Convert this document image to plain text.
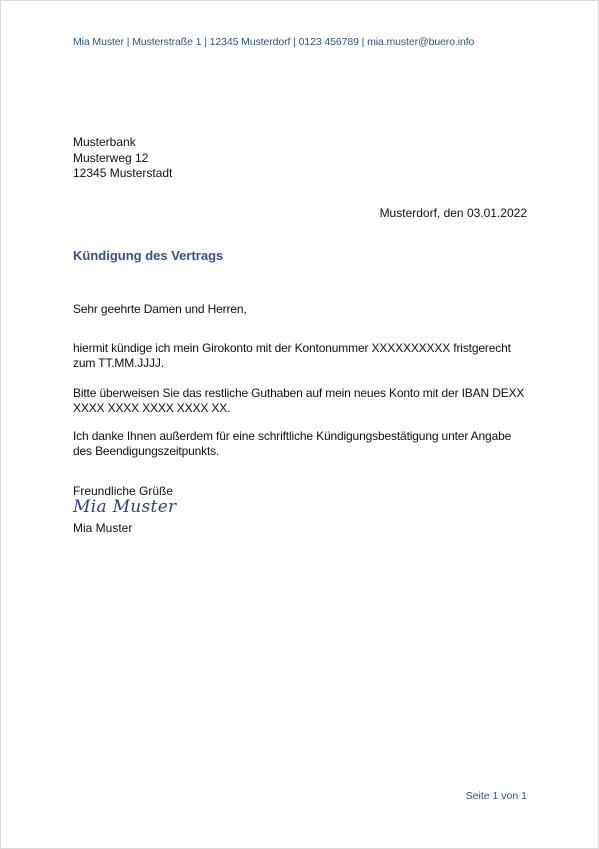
Mia Muster | Musterstraße 1 | 12345 Musterdorf | 0123 456789 | mia.muster@buero.info
Musterbank
Musterweg 12
12345 Musterstadt
Musterdorf, den 03.01.2022
Kündigung des Vertrags
Sehr geehrte Damen und Herren,
hiermit kündige ich mein Girokonto mit der Kontonummer XXXXXXXXXX fristgerecht zum TT.MM.JJJJ.
Bitte überweisen Sie das restliche Guthaben auf mein neues Konto mit der IBAN DEXX XXXX XXXX XXXX XXXX XX.
Ich danke Ihnen außerdem für eine schriftliche Kündigungsbestätigung unter Angabe des Beendigungszeitpunkts.
Freundliche Grüße
Mia Muster
Mia Muster
Seite 1 von 1
